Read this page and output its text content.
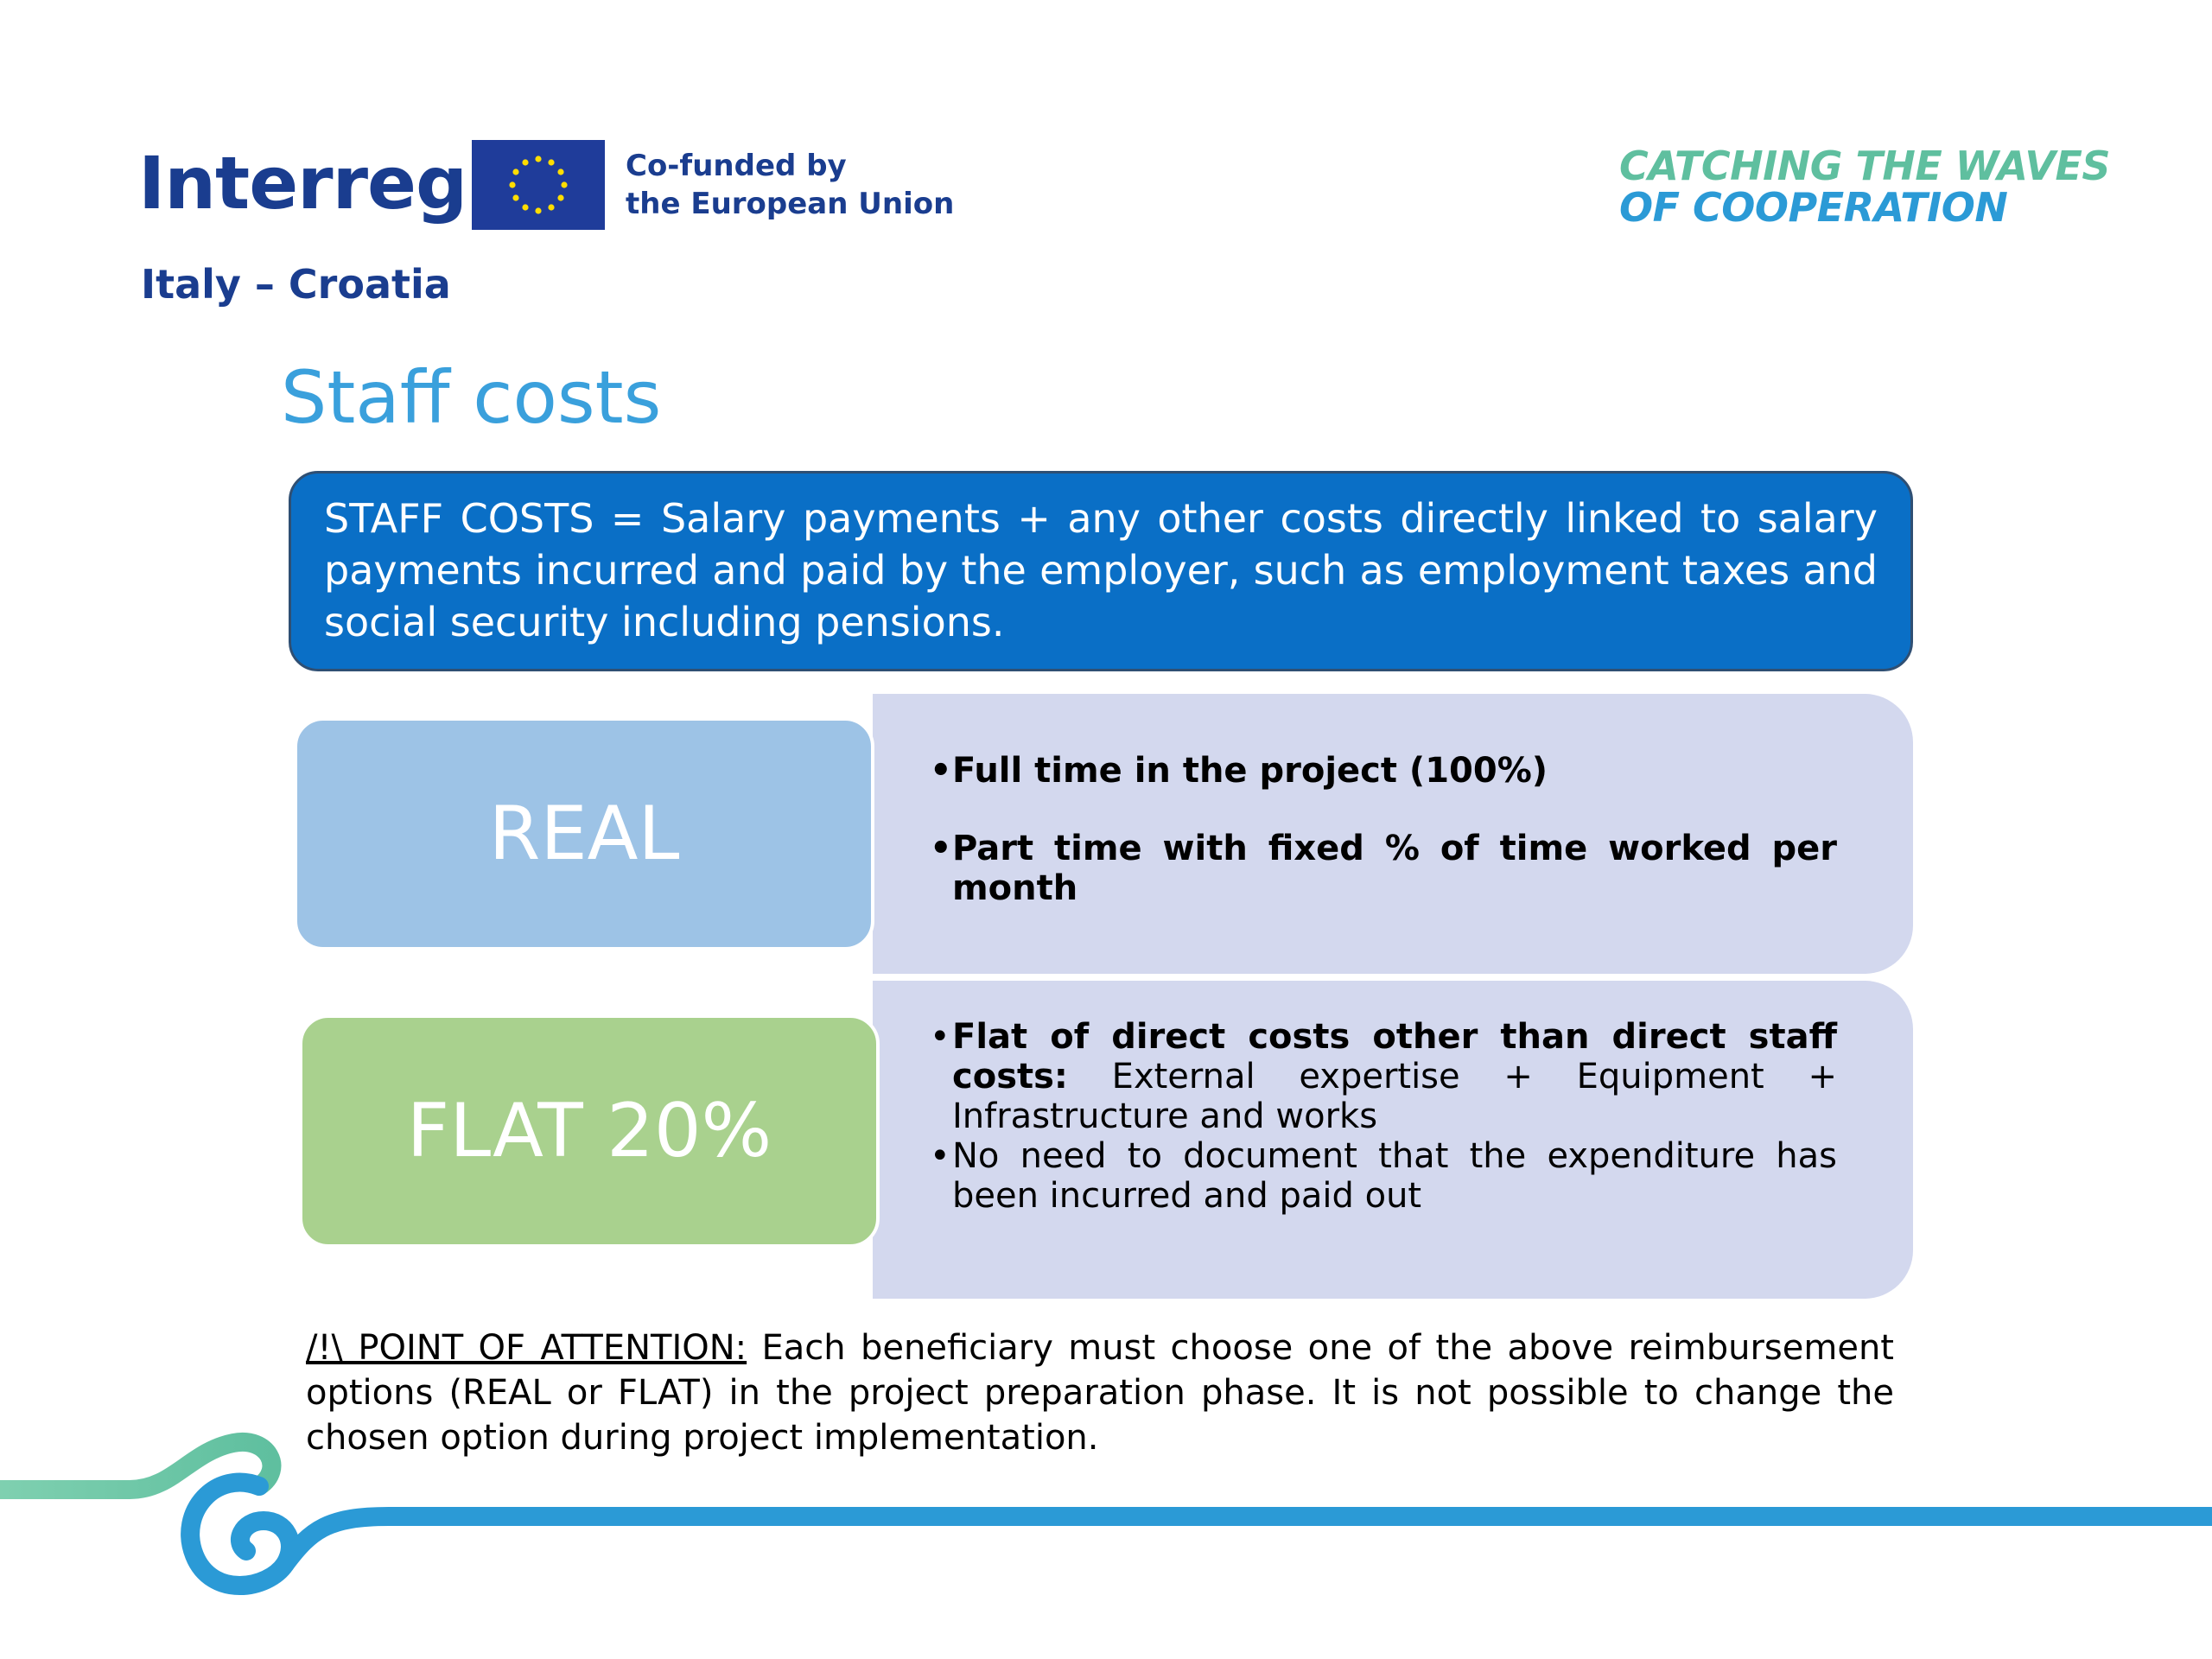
Interreg
Italy – Croatia
Co-funded by
the European Union
CATCHING THE WAVES
OF COOPERATION
Staff costs
STAFF COSTS = Salary payments + any other costs directly linked to salary payments incurred and paid by the employer, such as employment taxes and social security including pensions.
• Full time in the project (100%)
• Part time with fixed % of time worked per month
REAL
• Flat of direct costs other than direct staff costs: External expertise + Equipment + Infrastructure and works
• No need to document that the expenditure has been incurred and paid out
FLAT 20%
/!\ POINT OF ATTENTION: Each beneficiary must choose one of the above reimbursement options (REAL or FLAT) in the project preparation phase. It is not possible to change the chosen option during project implementation.
